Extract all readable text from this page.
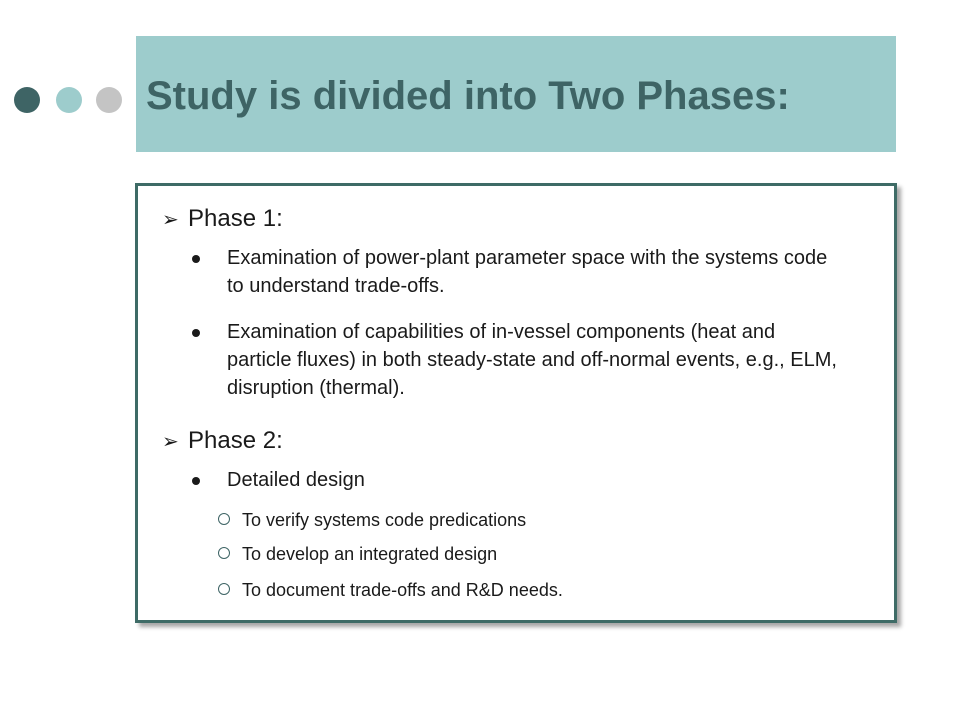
Study is divided into Two Phases:
➢ Phase 1:
Examination of power-plant parameter space with the systems code to understand trade-offs.
Examination of capabilities of in-vessel components (heat and particle fluxes) in both steady-state and off-normal events, e.g., ELM, disruption (thermal).
➢ Phase 2:
Detailed design
To verify systems code predications
To develop an integrated design
To document trade-offs and R&D needs.
